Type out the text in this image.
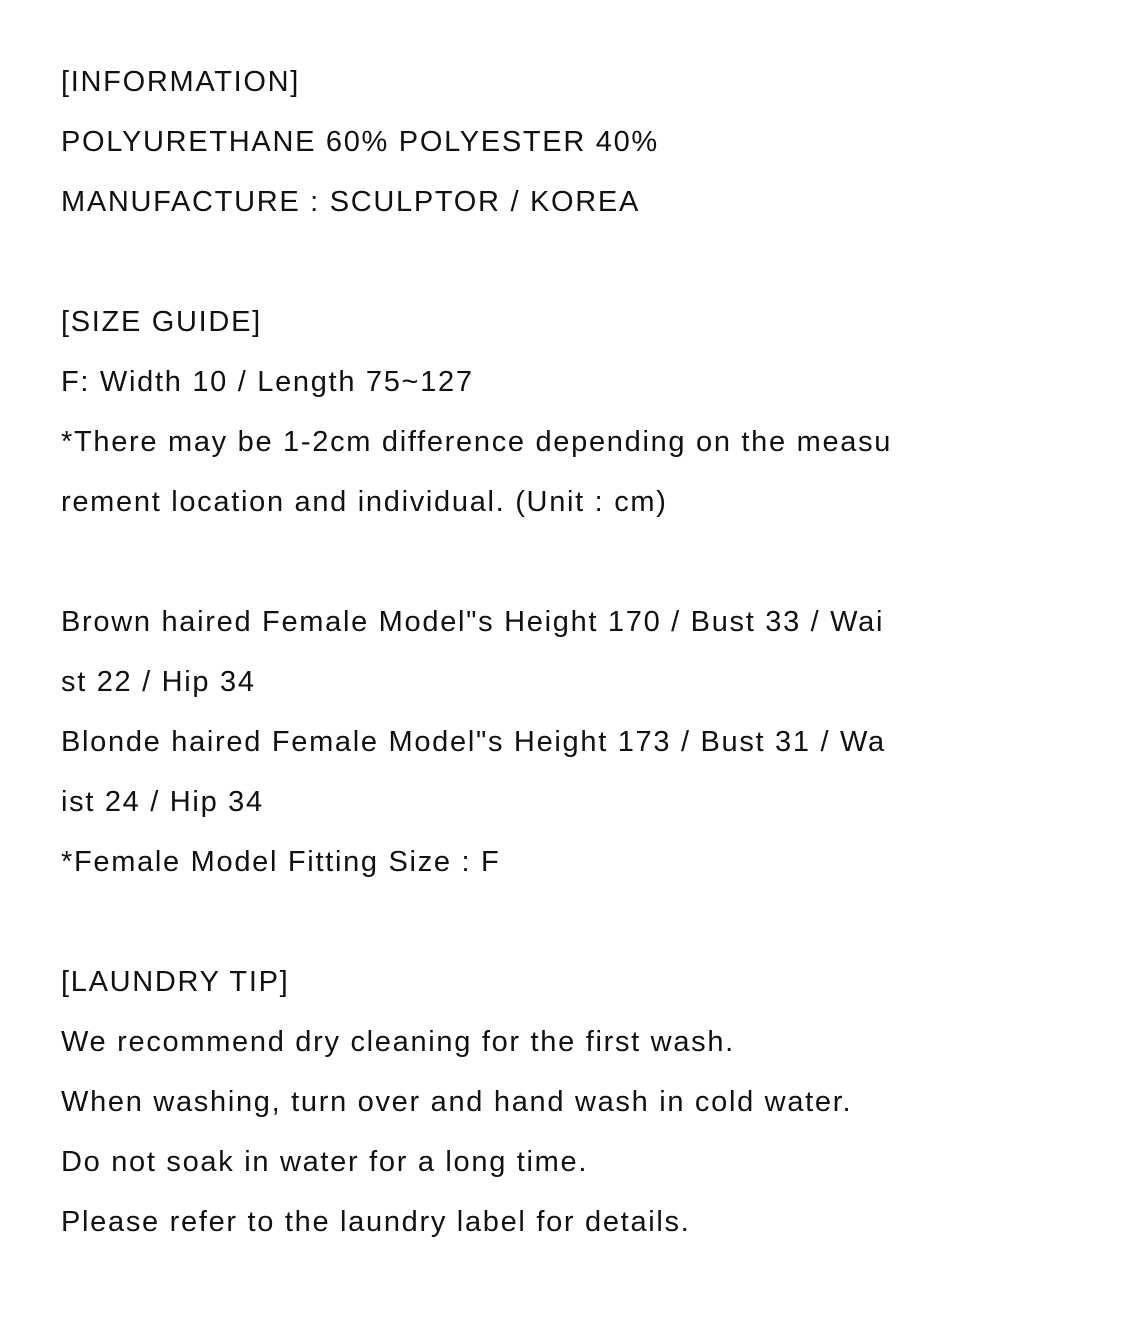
[INFORMATION]
POLYURETHANE 60% POLYESTER 40%
MANUFACTURE : SCULPTOR / KOREA
[SIZE GUIDE]
F: Width 10 / Length 75~127
*There may be 1-2cm difference depending on the measu
rement location and individual. (Unit : cm)
Brown haired Female Model"s Height 170 / Bust 33 / Wai
st 22 / Hip 34
Blonde haired Female Model"s Height 173 / Bust 31 / Wa
ist 24 / Hip 34
*Female Model Fitting Size : F
[LAUNDRY TIP]
We recommend dry cleaning for the first wash.
When washing, turn over and hand wash in cold water.
Do not soak in water for a long time.
Please refer to the laundry label for details.
